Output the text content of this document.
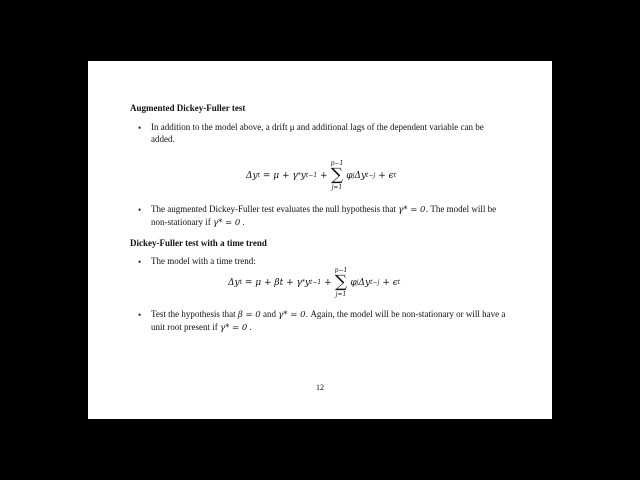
Augmented Dickey-Fuller test
•	In addition to the model above, a drift μ and additional lags of the dependent variable can be added.
Δy t
= μ + γ * y t−1
+
p−1
∑
j=1
φ j Δy t−j
+ ϵ t
•	The augmented Dickey-Fuller test evaluates the null hypothesis that γ* = 0. The model will be non-stationary if γ* = 0 .
Dickey-Fuller test with a time trend
•	The model with a time trend:
Δy t
= μ + βt + γ * y t−1
+
p−1
∑
j=1
φ j Δy t−j
+ ϵ t
•	Test the hypothesis that β = 0 and γ* = 0. Again, the model will be non-stationary or will have a unit root present if γ* = 0 .
12
